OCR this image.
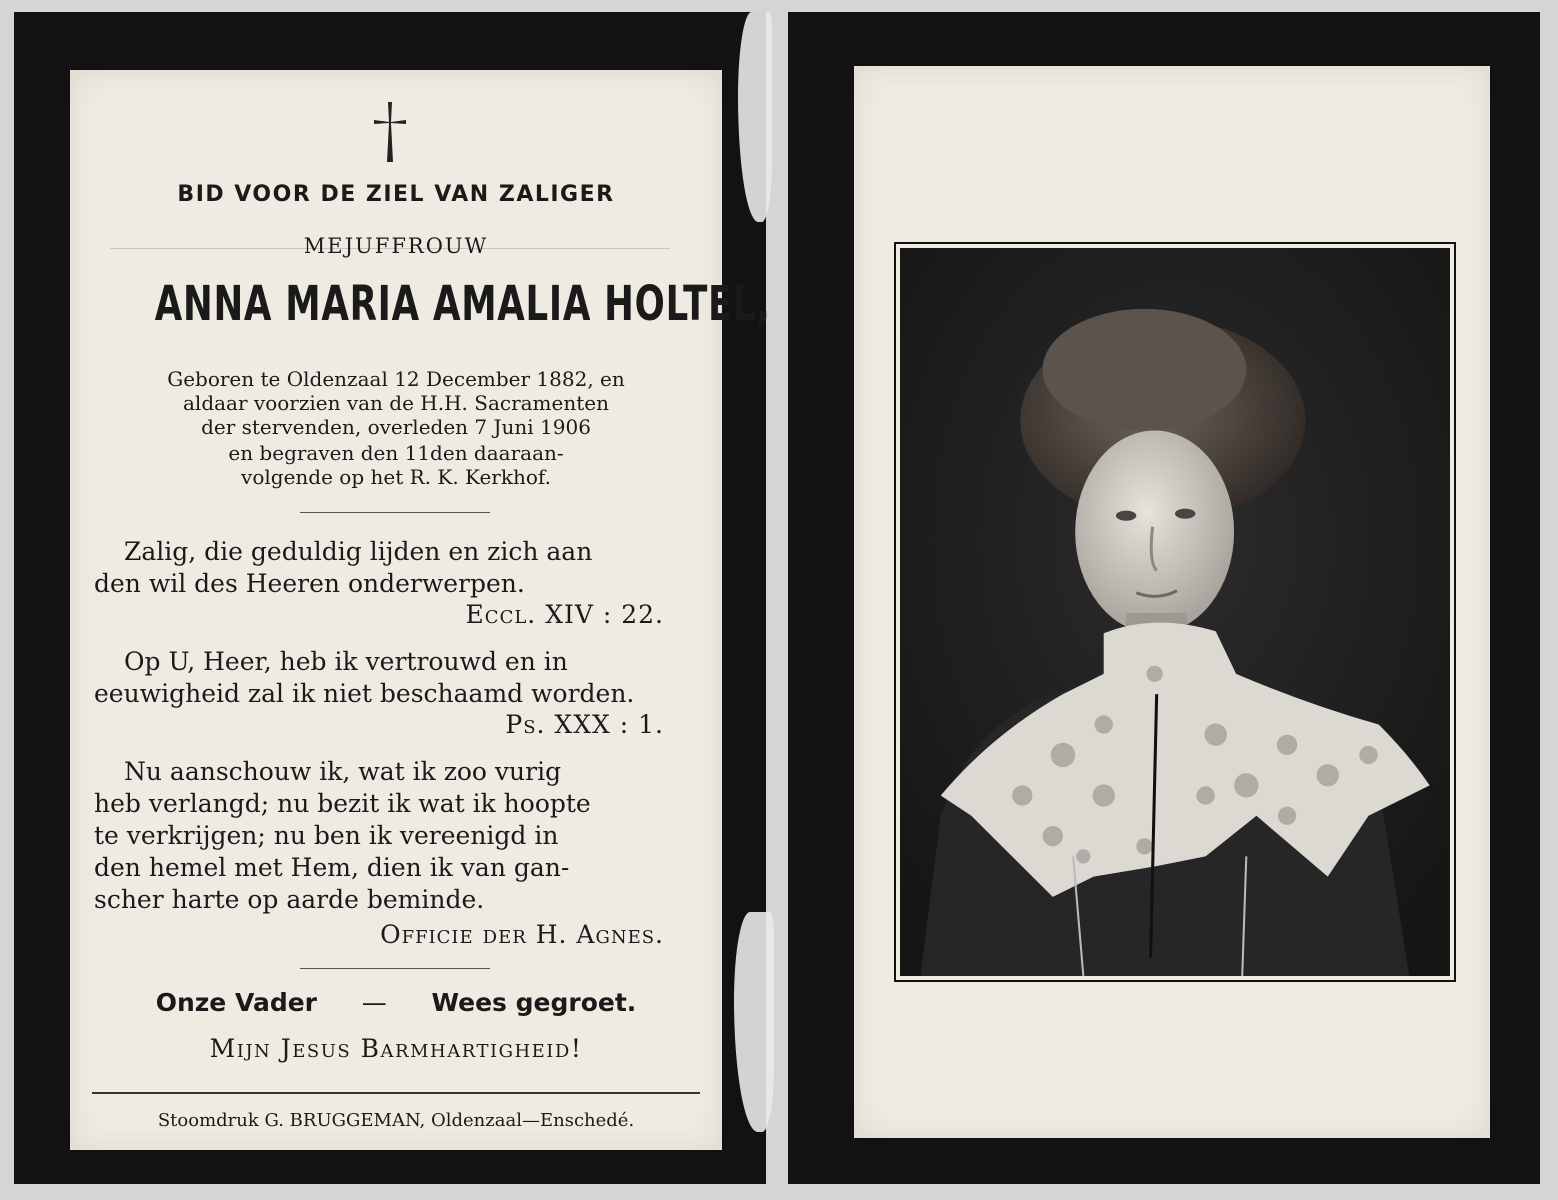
BID VOOR DE ZIEL VAN ZALIGER
MEJUFFROUW
ANNA MARIA AMALIA HOLTEL,
Geboren te Oldenzaal 12 December 1882, en
aldaar voorzien van de H.H. Sacramenten
der stervenden, overleden 7 Juni 1906
en begraven den 11den daaraan-
volgende op het R. K. Kerkhof.
Zalig, die geduldig lijden en zich aan
den wil des Heeren onderwerpen.
Eccl. XIV : 22.
Op U, Heer, heb ik vertrouwd en in
eeuwigheid zal ik niet beschaamd worden.
Ps. XXX : 1.
Nu aanschouw ik, wat ik zoo vurig
heb verlangd; nu bezit ik wat ik hoopte
te verkrijgen; nu ben ik vereenigd in
den hemel met Hem, dien ik van gan-
scher harte op aarde beminde.
Officie der H. Agnes.
Onze Vader — Wees gegroet.
Mijn Jesus Barmhartigheid!
Stoomdruk G. BRUGGEMAN, Oldenzaal—Enschedé.
